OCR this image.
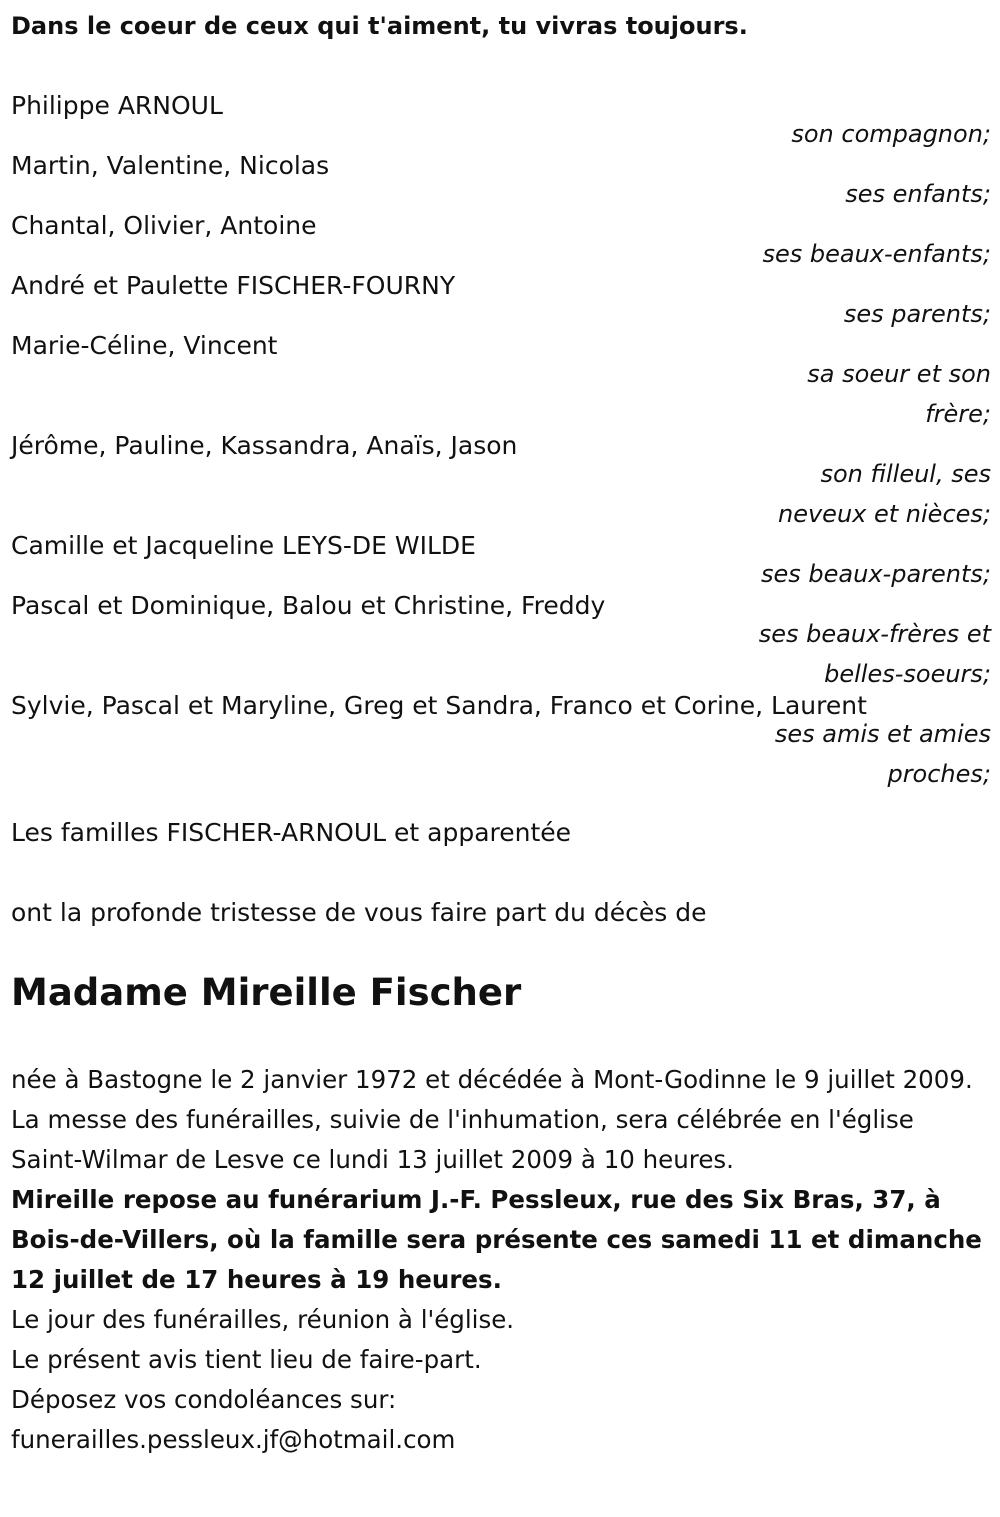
Dans le coeur de ceux qui t'aiment, tu vivras toujours.
Philippe ARNOUL
son compagnon;
Martin, Valentine, Nicolas
ses enfants;
Chantal, Olivier, Antoine
ses beaux-enfants;
André et Paulette FISCHER-FOURNY
ses parents;
Marie-Céline, Vincent
sa soeur et son frère;
Jérôme, Pauline, Kassandra, Anaïs, Jason
son filleul, ses neveux et nièces;
Camille et Jacqueline LEYS-DE WILDE
ses beaux-parents;
Pascal et Dominique, Balou et Christine, Freddy
ses beaux-frères et belles-soeurs;
Sylvie, Pascal et Maryline, Greg et Sandra, Franco et Corine, Laurent
ses amis et amies proches;
Les familles FISCHER-ARNOUL et apparentée
ont la profonde tristesse de vous faire part du décès de
Madame Mireille Fischer

née à Bastogne le 2 janvier 1972 et décédée à Mont-Godinne le 9 juillet 2009.

La messe des funérailles, suivie de l'inhumation, sera célébrée en l'église Saint-Wilmar de Lesve ce lundi 13 juillet 2009 à 10 heures.

Mireille repose au funérarium J.-F. Pessleux, rue des Six Bras, 37, à Bois-de-Villers, où la famille sera présente ces samedi 11 et dimanche 12 juillet de 17 heures à 19 heures.

Le jour des funérailles, réunion à l'église.

Le présent avis tient lieu de faire-part.

Déposez vos condoléances sur:

funerailles.pessleux.jf@hotmail.com
